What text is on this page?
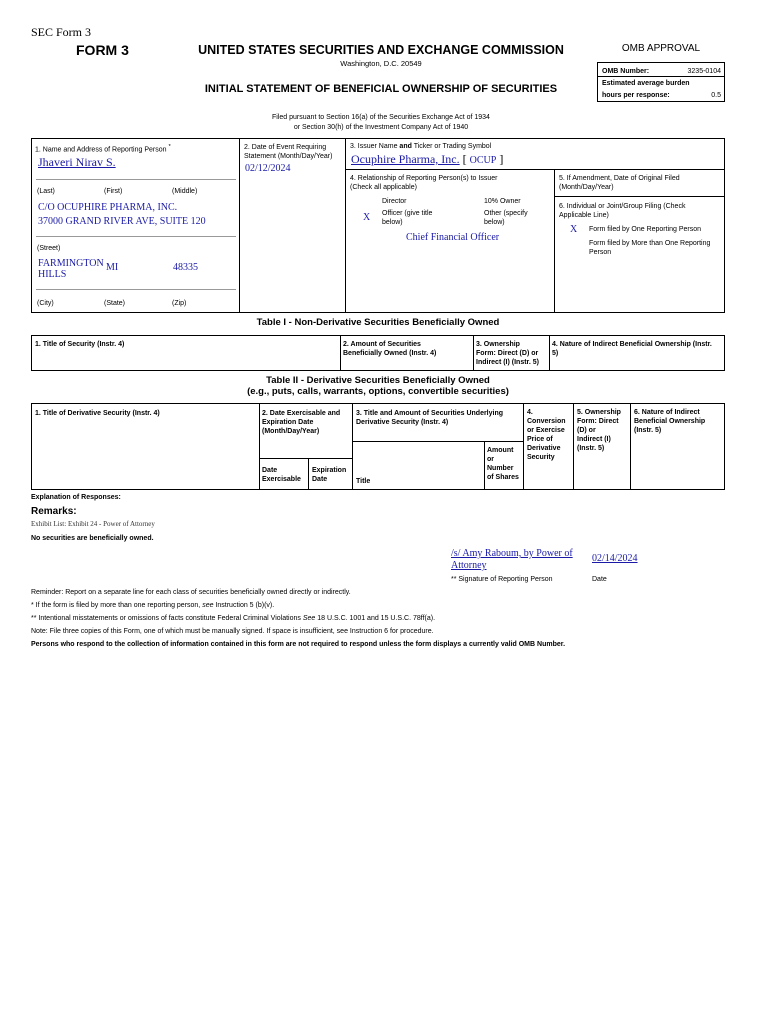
SEC Form 3
FORM 3	UNITED STATES SECURITIES AND EXCHANGE COMMISSION
Washington, D.C. 20549
INITIAL STATEMENT OF BENEFICIAL OWNERSHIP OF SECURITIES
Filed pursuant to Section 16(a) of the Securities Exchange Act of 1934
or Section 30(h) of the Investment Company Act of 1940
OMB APPROVAL
OMB Number:	3235-0104
Estimated average burden
hours per response:	0.5
1. Name and Address of Reporting Person *
Jhaveri Nirav S.
(Last)	(First)	(Middle)
C/O OCUPHIRE PHARMA, INC.
37000 GRAND RIVER AVE, SUITE 120
(Street)
FARMINGTON
HILLS
MI	48335
(City)	(State)	(Zip)
2. Date of Event Requiring
Statement (Month/Day/Year)
02/12/2024
3. Issuer Name and Ticker or Trading Symbol
Ocuphire Pharma, Inc. [ OCUP ]
4. Relationship of Reporting Person(s) to Issuer
(Check all applicable)
Director	10% Owner
X Officer (give title
below)
Other (specify
below)
Chief Financial Officer
5. If Amendment, Date of Original Filed
(Month/Day/Year)
6. Individual or Joint/Group Filing (Check
Applicable Line)
X Form filed by One Reporting Person
Form filed by More than One Reporting
Person
Table I - Non-Derivative Securities Beneficially Owned
1. Title of Security (Instr. 4)	2. Amount of Securities
Beneficially Owned (Instr. 4)
3. Ownership
Form: Direct (D) or
Indirect (I) (Instr. 5)
4. Nature of Indirect Beneficial Ownership (Instr.
5)
Table II - Derivative Securities Beneficially Owned
(e.g., puts, calls, warrants, options, convertible securities)
1. Title of Derivative Security (Instr. 4)	2. Date Exercisable and
Expiration Date
(Month/Day/Year)
Date
Exercisable
Expiration
Date
3. Title and Amount of Securities Underlying
Derivative Security (Instr. 4)
Title
Amount
or
Number
of Shares
4.
Conversion
or Exercise
Price of
Derivative
Security
5. Ownership
Form: Direct
(D) or
Indirect (I)
(Instr. 5)
6. Nature of Indirect
Beneficial Ownership
(Instr. 5)
Explanation of Responses:
Remarks:
Exhibit List: Exhibit 24 - Power of Attorney
No securities are beneficially owned.
/s/ Amy Raboum, by Power of
Attorney
02/14/2024
** Signature of Reporting Person	Date
Reminder: Report on a separate line for each class of securities beneficially owned directly or indirectly.
* If the form is filed by more than one reporting person, see Instruction 5 (b)(v).
** Intentional misstatements or omissions of facts constitute Federal Criminal Violations See 18 U.S.C. 1001 and 15 U.S.C. 78ff(a).
Note: File three copies of this Form, one of which must be manually signed. If space is insufficient, see Instruction 6 for procedure.
Persons who respond to the collection of information contained in this form are not required to respond unless the form displays a currently valid OMB Number.
